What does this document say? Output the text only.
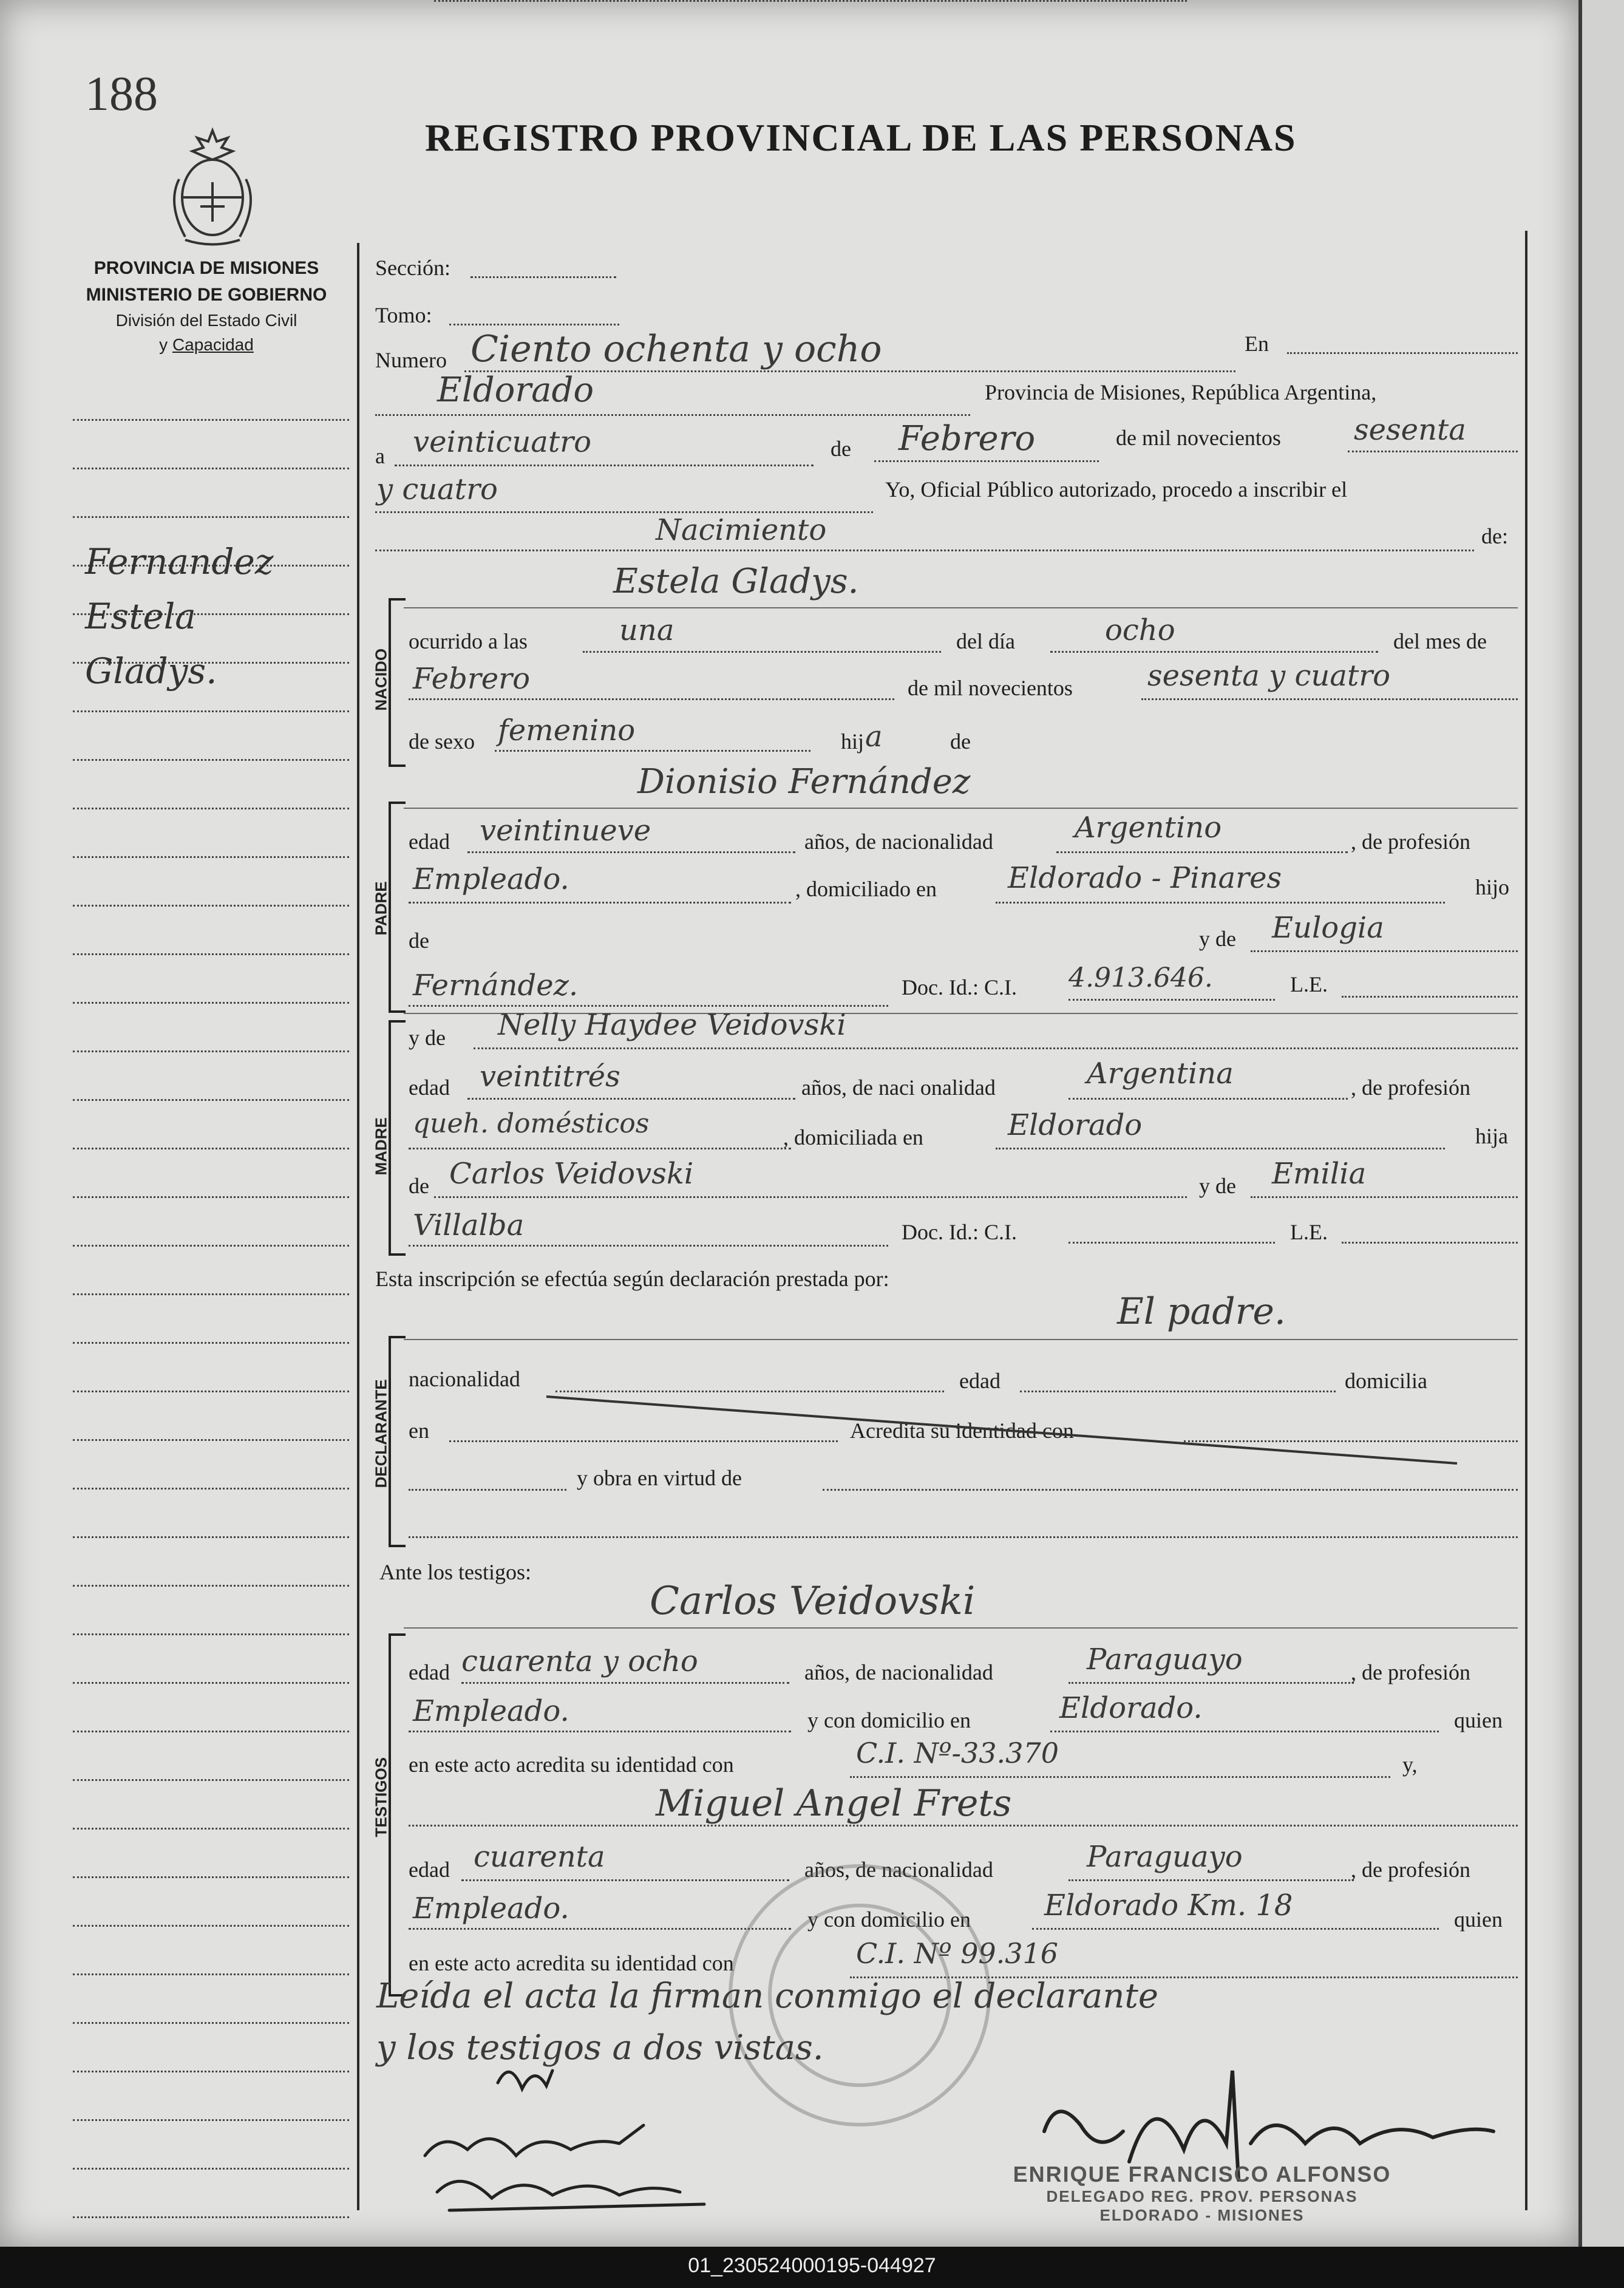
188
REGISTRO PROVINCIAL DE LAS PERSONAS
PROVINCIA DE MISIONES
MINISTERIO DE GOBIERNO
División del Estado Civil
y Capacidad
Fernandez
Estela
Gladys.
Sección:
Tomo:
Numero Ciento ochenta y ocho	En
Eldorado	Provincia de Misiones, República Argentina,
a veinticuatro	de Febrero	de mil novecientos	sesenta
y cuatro	Yo, Oficial Público autorizado, procedo a inscribir el
Nacimiento	de:
Estela Gladys.
NACIDO
ocurrido a las	una	del día	ocho	del mes de
Febrero	de mil novecientos	sesenta y cuatro
de sexo femenino	hij a	de
Dionisio Fernández
PADRE
edad veintinueve	años, de nacionalidad	Argentino	, de profesión
Empleado.	, domiciliado en Eldorado - Pinares	hijo
de	y de Eulogia
Fernández.	Doc. Id.: C.I. 4.913.646.	L.E.
MADRE
y de Nelly Haydee Veidovski
edad veintitrés	años, de naci onalidad	Argentina	, de profesión
queh. domésticos	, domiciliada en	Eldorado	hija
de Carlos Veidovski	y de Emilia
Villalba	Doc. Id.: C.I.	L.E.
Esta inscripción se efectúa según declaración prestada por:
El padre.
DECLARANTE
nacionalidad	edad	domicilia
en	Acredita su identidad con
y obra en virtud de
Ante los testigos:
Carlos Veidovski
TESTIGOS
edad cuarenta y ocho	años, de nacionalidad	Paraguayo	, de profesión
Empleado.	y con domicilio en	Eldorado.	quien
en este acto acredita su identidad con	C.I. Nº-33.370	y,
Miguel Angel Frets
edad cuarenta	años, de nacionalidad	Paraguayo	, de profesión
Empleado.	y con domicilio en	Eldorado Km. 18	quien
en este acto acredita su identidad con	C.I. Nº 99.316
Leída el acta la firman conmigo el declarante
y los testigos a dos vistas.
ENRIQUE FRANCISCO ALFONSO
DELEGADO REG. PROV. PERSONAS
ELDORADO - MISIONES
01_230524000195-044927
